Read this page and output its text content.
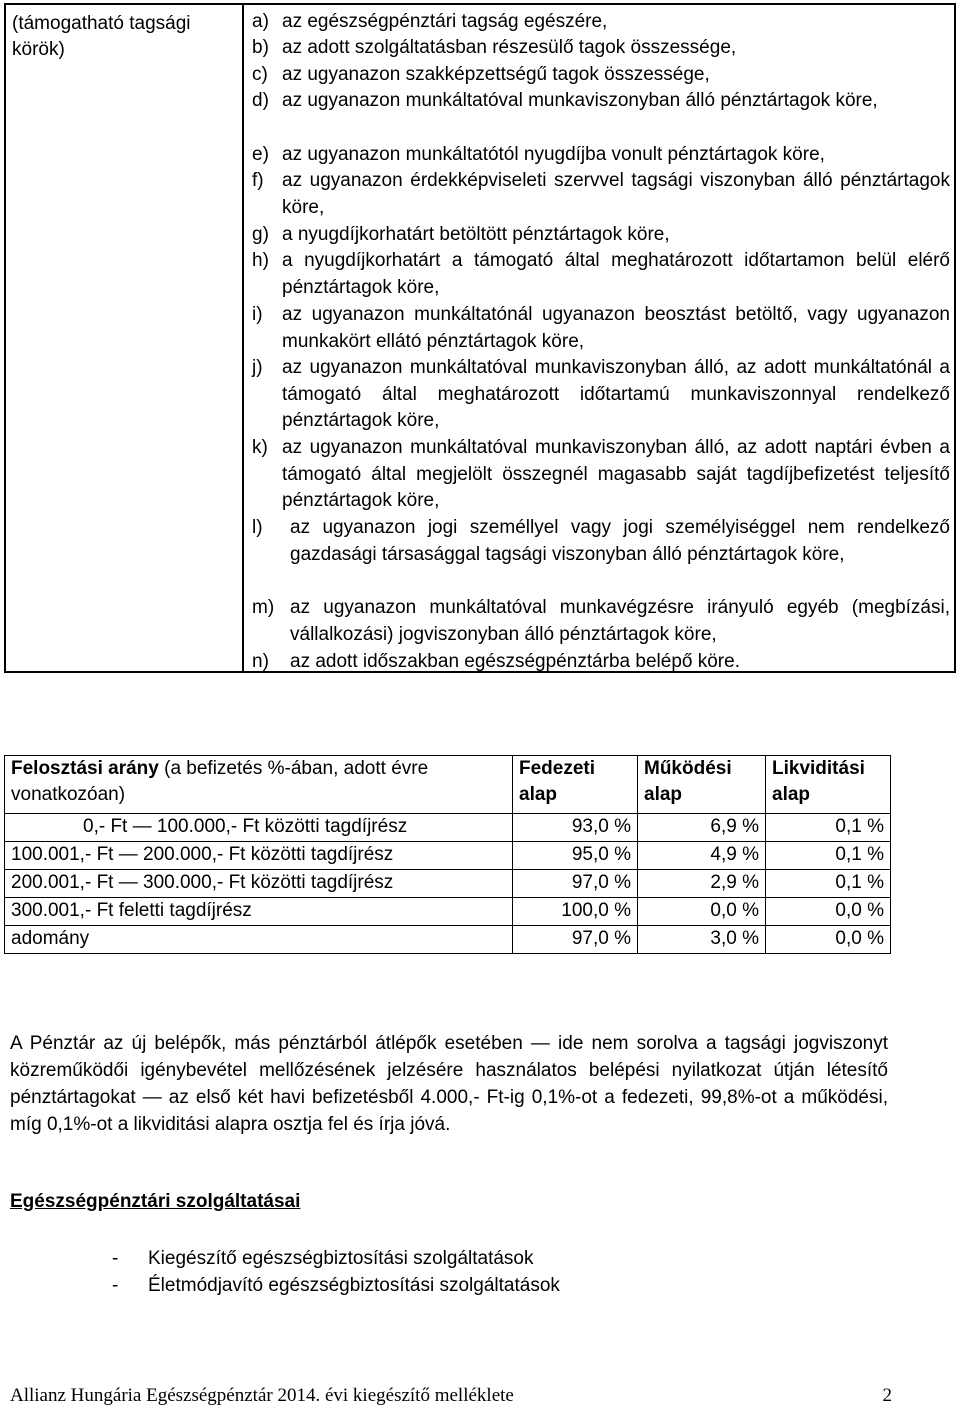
(támogatható tagsági körök)
a) az egészségpénztári tagság egészére,
b) az adott szolgáltatásban részesülő tagok összessége,
c) az ugyanazon szakképzettségű tagok összessége,
d) az ugyanazon munkáltatóval munkaviszonyban álló pénztártagok köre,
e) az ugyanazon munkáltatótól nyugdíjba vonult pénztártagok köre,
f) az ugyanazon érdekképviseleti szervvel tagsági viszonyban álló pénztártagok köre,
g) a nyugdíjkorhatárt betöltött pénztártagok köre,
h) a nyugdíjkorhatárt a támogató által meghatározott időtartamon belül elérő pénztártagok köre,
i)	az ugyanazon munkáltatónál ugyanazon beosztást betöltő, vagy ugyanazon munkakört ellátó pénztártagok köre,
j)	az ugyanazon munkáltatóval munkaviszonyban álló, az adott munkáltatónál a támogató által meghatározott időtartamú munkaviszonnyal rendelkező pénztártagok köre,
k) az ugyanazon munkáltatóval munkaviszonyban álló, az adott naptári évben a támogató által megjelölt összegnél magasabb saját tagdíjbefizetést teljesítő pénztártagok köre,
l)	az ugyanazon jogi személlyel vagy jogi személyiséggel nem rendelkező gazdasági társasággal tagsági viszonyban álló pénztártagok köre,
m) az ugyanazon munkáltatóval munkavégzésre irányuló egyéb (megbízási, vállalkozási) jogviszonyban álló pénztártagok köre,
n)	az adott időszakban egészségpénztárba belépő köre.
Felosztási arány (a befizetés %-ában, adott évre vonatkozóan)	Fedezeti alap	Működési alap	Likviditási alap
0,- Ft — 100.000,- Ft közötti tagdíjrész	93,0 %	6,9 %	0,1 %
100.001,- Ft — 200.000,- Ft közötti tagdíjrész	95,0 %	4,9 %	0,1 %
200.001,- Ft — 300.000,- Ft közötti tagdíjrész	97,0 %	2,9 %	0,1 %
300.001,- Ft feletti tagdíjrész	100,0 %	0,0 %	0,0 %
adomány	97,0 %	3,0 %	0,0 %
A Pénztár az új belépők, más pénztárból átlépők esetében — ide nem sorolva a tagsági jogviszonyt közreműködői igénybevétel mellőzésének jelzésére használatos belépési nyilatkozat útján létesítő pénztártagokat — az első két havi befizetésből 4.000,- Ft-ig 0,1%-ot a fedezeti, 99,8%-ot a működési, míg 0,1%-ot a likviditási alapra osztja fel és írja jóvá.
Egészségpénztári szolgáltatásai
- Kiegészítő egészségbiztosítási szolgáltatások
- Életmódjavító egészségbiztosítási szolgáltatások
Allianz Hungária Egészségpénztár 2014. évi kiegészítő melléklete	2
